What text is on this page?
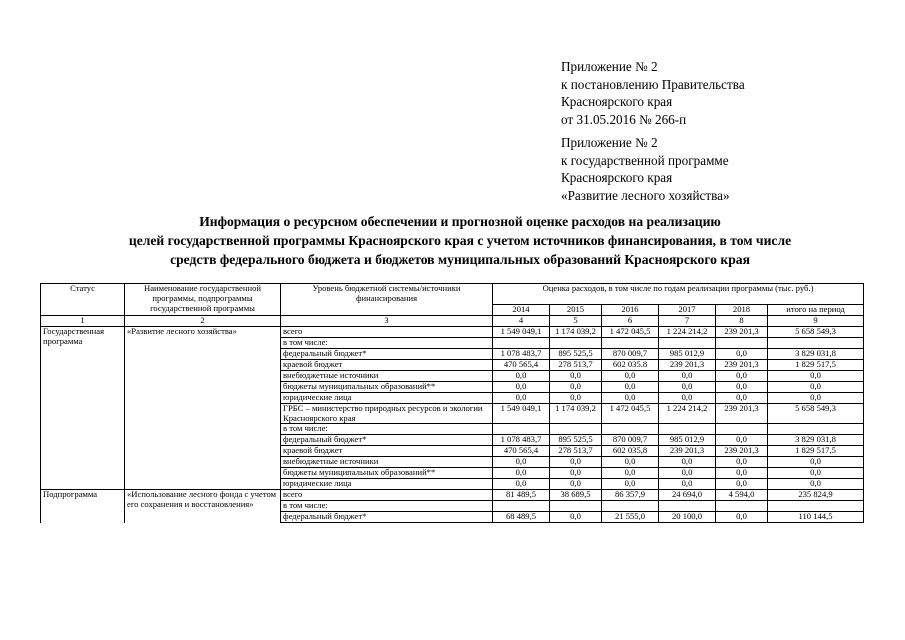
Приложение № 2
к постановлению Правительства
Красноярского края
от 31.05.2016 № 266-п
Приложение № 2
к государственной программе
Красноярского края
«Развитие лесного хозяйства»
Информация о ресурсном обеспечении и прогнозной оценке расходов на реализацию
целей государственной программы Красноярского края с учетом источников финансирования, в том числе
средств федерального бюджета и бюджетов муниципальных образований Красноярского края
Статус	Наименование государственной программы, подпрограммы государственной программы	Уровень бюджетной системы/источники финансирования	Оценка расходов, в том числе по годам реализации программы (тыс. руб.)					
			2014	2015	2016	2017	2018	итого на период
1	2	3	4	5	6	7	8	9
Государственная программа	«Развитие лесного хозяйства»	всего	1 549 049,1	1 174 039,2	1 472 045,5	1 224 214,2	239 201,3	5 658 549,3
		в том числе:						
		федеральный бюджет*	1 078 483,7	895 525,5	870 009,7	985 012,9	0,0	3 829 031,8
		краевой бюджет	470 565,4	278 513,7	602 035.8	239 201,3	239 201,3	1 829 517,5
		внебюджетные источники	0,0	0,0	0,0	0,0	0,0	0,0
		бюджеты муниципальных образований**	0,0	0,0	0,0	0,0	0,0	0,0
		юридические лица	0,0	0,0	0,0	0,0	0,0	0,0
		ГРБС – министерство природных ресурсов и экологии Красноярского края	1 549 049,1	1 174 039,2	1 472 045,5	1 224 214,2	239 201,3	5 658 549,3
		в том числе:						
		федеральный бюджет*	1 078 483,7	895 525,5	870 009,7	985 012,9	0,0	3 829 031,8
		краевой бюджет	470 565,4	278 513,7	602 035,8	239 201,3	239 201,3	1 829 517,5
		внебюджетные источники	0,0	0,0	0,0	0,0	0,0	0,0
		бюджеты муниципальных образований**	0,0	0,0	0,0	0,0	0,0	0,0
		юридические лица	0,0	0,0	0,0	0,0	0,0	0,0
Подпрограмма	«Использование лесного фонда с учетом его сохранения и восстановления»	всего	81 489,5	38 689,5	86 357,9	24 694,0	4 594,0	235 824,9
		в том числе:						
		федеральный бюджет*	68 489,5	0,0	21 555,0	20 100,0	0,0	110 144,5
